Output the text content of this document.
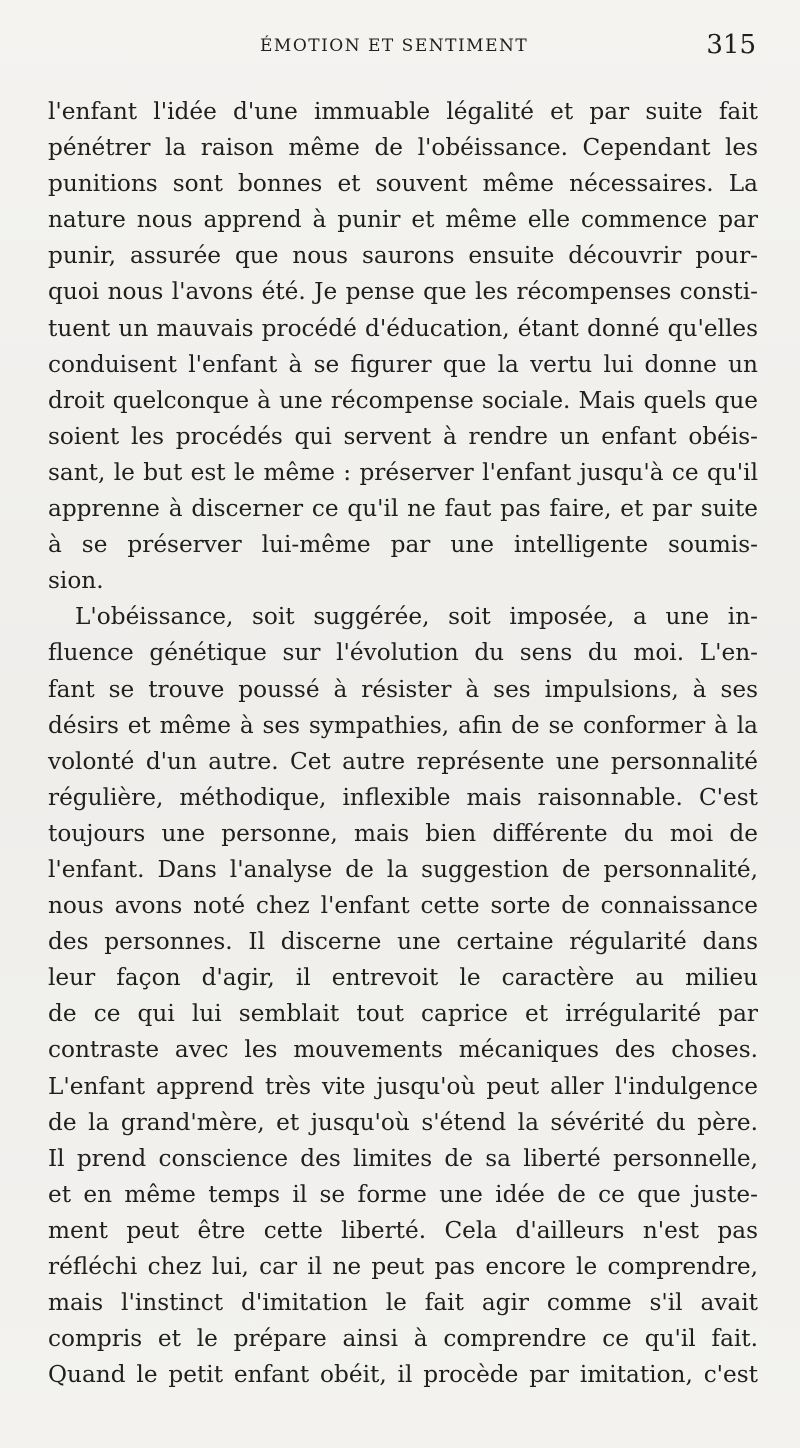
ÉMOTION ET SENTIMENT	315
l'enfant l'idée d'une immuable légalité et par suite fait
pénétrer la raison même de l'obéissance. Cependant les
punitions sont bonnes et souvent même nécessaires. La
nature nous apprend à punir et même elle commence par
punir, assurée que nous saurons ensuite découvrir pour-
quoi nous l'avons été. Je pense que les récompenses consti-
tuent un mauvais procédé d'éducation, étant donné qu'elles
conduisent l'enfant à se figurer que la vertu lui donne un
droit quelconque à une récompense sociale. Mais quels que
soient les procédés qui servent à rendre un enfant obéis-
sant, le but est le même : préserver l'enfant jusqu'à ce qu'il
apprenne à discerner ce qu'il ne faut pas faire, et par suite
à se préserver lui-même par une intelligente soumis-
sion.
L'obéissance, soit suggérée, soit imposée, a une in-
fluence génétique sur l'évolution du sens du moi. L'en-
fant se trouve poussé à résister à ses impulsions, à ses
désirs et même à ses sympathies, afin de se conformer à la
volonté d'un autre. Cet autre représente une personnalité
régulière, méthodique, inflexible mais raisonnable. C'est
toujours une personne, mais bien différente du moi de
l'enfant. Dans l'analyse de la suggestion de personnalité,
nous avons noté chez l'enfant cette sorte de connaissance
des personnes. Il discerne une certaine régularité dans
leur façon d'agir, il entrevoit le caractère au milieu
de ce qui lui semblait tout caprice et irrégularité par
contraste avec les mouvements mécaniques des choses.
L'enfant apprend très vite jusqu'où peut aller l'indulgence
de la grand'mère, et jusqu'où s'étend la sévérité du père.
Il prend conscience des limites de sa liberté personnelle,
et en même temps il se forme une idée de ce que juste-
ment peut être cette liberté. Cela d'ailleurs n'est pas
réfléchi chez lui, car il ne peut pas encore le comprendre,
mais l'instinct d'imitation le fait agir comme s'il avait
compris et le prépare ainsi à comprendre ce qu'il fait.
Quand le petit enfant obéit, il procède par imitation, c'est
